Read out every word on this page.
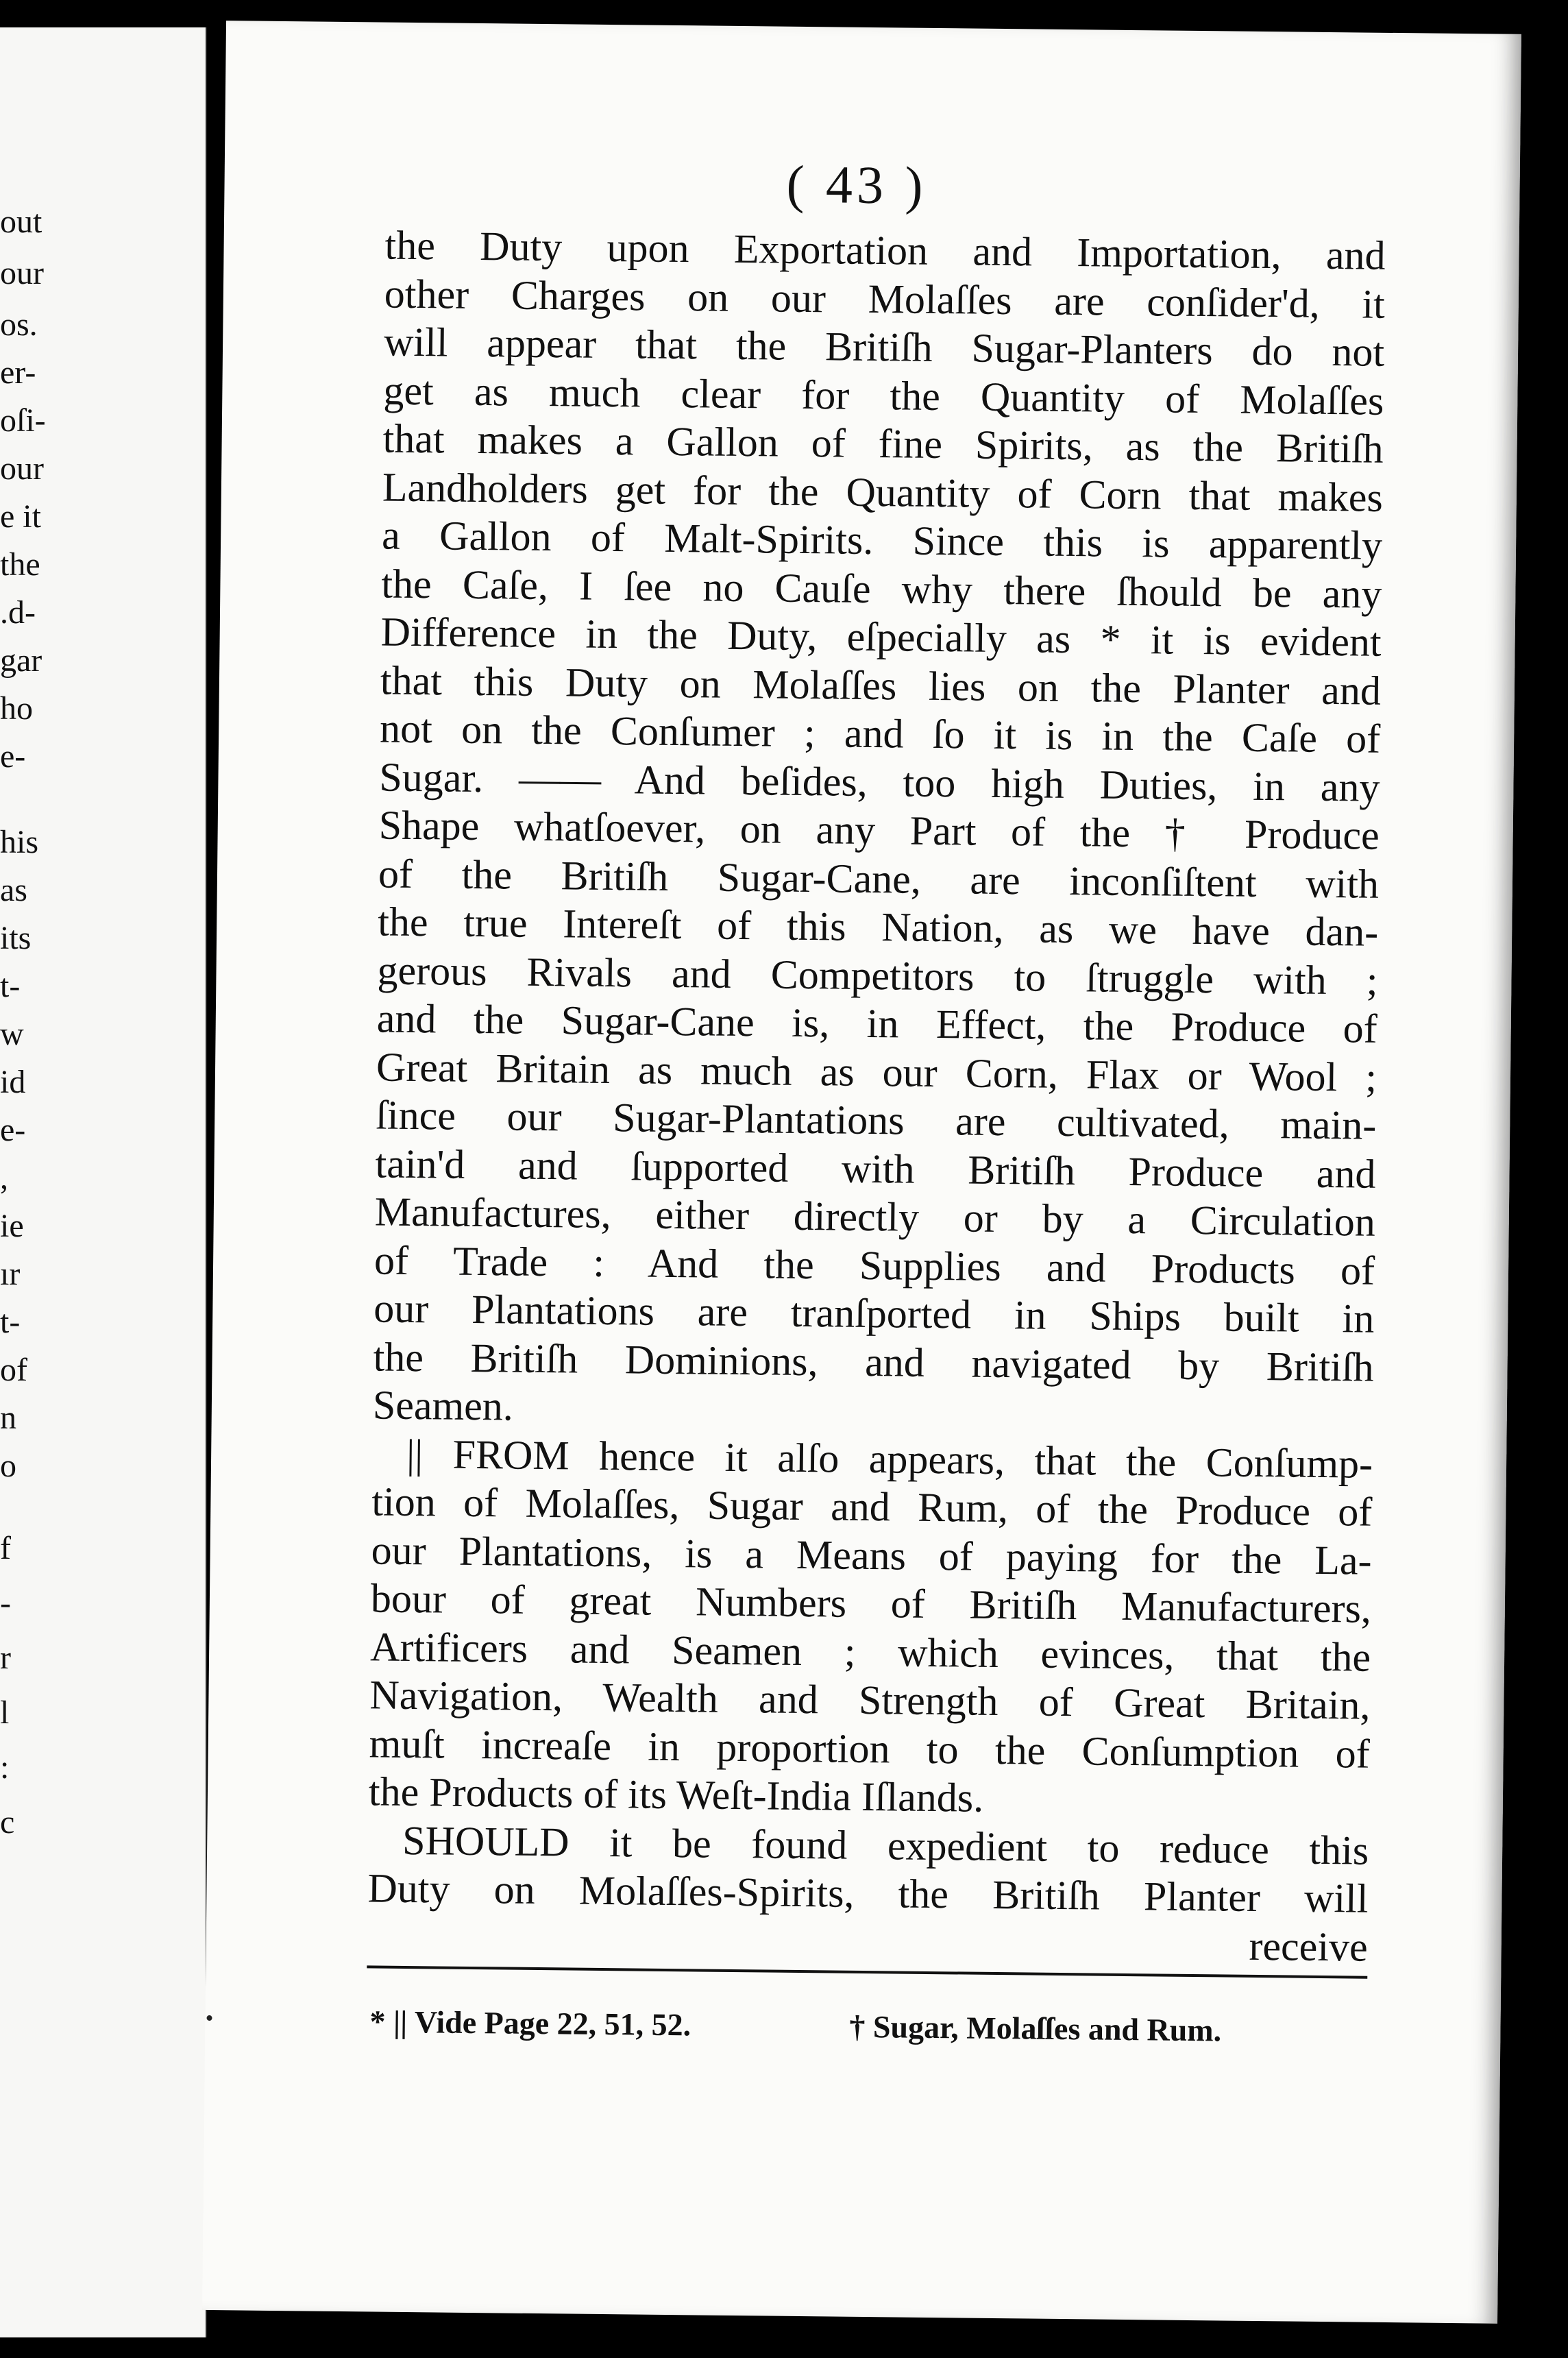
out
our
os.
er-
oſi-
our
e it
the
.d-
gar
ho
e-
his
as
its
t-
w
id
e-
,
ie
ır
t-
of
n
o
f
-
r
l
:
c
( 43 )
the Duty upon Exportation and Importation, and
other Charges on our Molaſſes are conſider'd, it
will appear that the Britiſh Sugar-Planters do not
get as much clear for the Quantity of Molaſſes
that makes a Gallon of fine Spirits, as the Britiſh
Landholders get for the Quantity of Corn that makes
a Gallon of Malt-Spirits. Since this is apparently
the Caſe, I ſee no Cauſe why there ſhould be any
Difference in the Duty, eſpecially as * it is evident
that this Duty on Molaſſes lies on the Planter and
not on the Conſumer ; and ſo it is in the Caſe of
Sugar. —— And beſides, too high Duties, in any
Shape whatſoever, on any Part of the † Produce
of the Britiſh Sugar-Cane, are inconſiſtent with
the true Intereſt of this Nation, as we have dan-
gerous Rivals and Competitors to ſtruggle with ;
and the Sugar-Cane is, in Effect, the Produce of
Great Britain as much as our Corn, Flax or Wool ;
ſince our Sugar-Plantations are cultivated, main-
tain'd and ſupported with Britiſh Produce and
Manufactures, either directly or by a Circulation
of Trade : And the Supplies and Products of
our Plantations are tranſported in Ships built in
the Britiſh Dominions, and navigated by Britiſh
Seamen.
|| FROM hence it alſo appears, that the Conſump-
tion of Molaſſes, Sugar and Rum, of the Produce of
our Plantations, is a Means of paying for the La-
bour of great Numbers of Britiſh Manufacturers,
Artificers and Seamen ; which evinces, that the
Navigation, Wealth and Strength of Great Britain,
muſt increaſe in proportion to the Conſumption of
the Products of its Weſt-India Iſlands.
SHOULD it be found expedient to reduce this
Duty on Molaſſes-Spirits, the Britiſh Planter will
receive
* || Vide Page 22, 51, 52.	† Sugar, Molaſſes and Rum.
